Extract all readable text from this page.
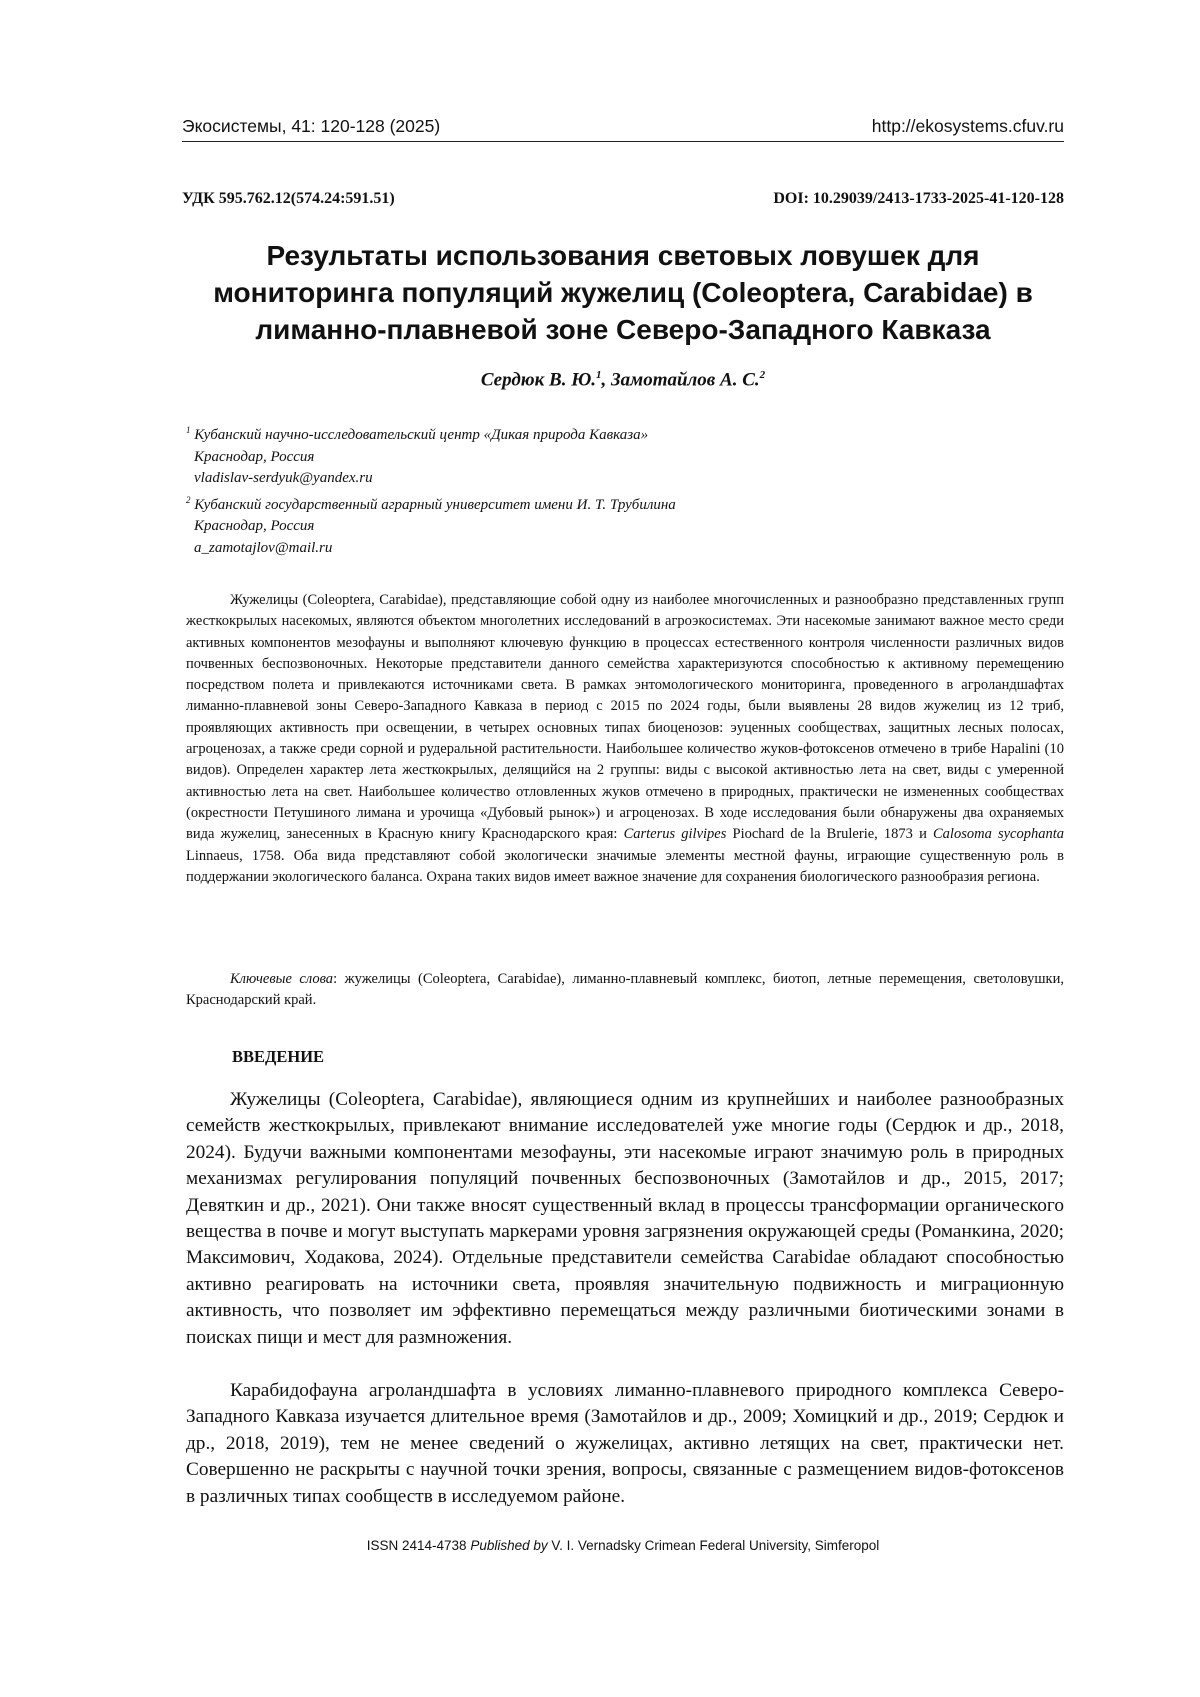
Экосистемы, 41: 120-128 (2025)	http://ekosystems.cfuv.ru
УДК 595.762.12(574.24:591.51)	DOI: 10.29039/2413-1733-2025-41-120-128
Результаты использования световых ловушек для
мониторинга популяций жужелиц (Coleoptera, Carabidae) в
лиманно-плавневой зоне Северо-Западного Кавказа
Сердюк В. Ю.$^1$, Замотайлов А. С.$^2$
$^1$ Кубанский научно-исследовательский центр «Дикая природа Кавказа»
Краснодар, Россия
vladislav-serdyuk@yandex.ru
$^2$ Кубанский государственный аграрный университет имени И. Т. Трубилина
Краснодар, Россия
a_zamotajlov@mail.ru

Жужелицы (Coleoptera, Carabidae), представляющие собой одну из наиболее многочисленных и разнообразно представленных групп жесткокрылых насекомых, являются объектом многолетних исследований в агроэкосистемах. Эти насекомые занимают важное место среди активных компонентов мезофауны и выполняют ключевую функцию в процессах естественного контроля численности различных видов почвенных беспозвоночных. Некоторые представители данного семейства характеризуются способностью к активному перемещению посредством полета и привлекаются источниками света. В рамках энтомологического мониторинга, проведенного в агроландшафтах лиманно-плавневой зоны Северо-Западного Кавказа в период с 2015 по 2024 годы, были выявлены 28 видов жужелиц из 12 триб, проявляющих активность при освещении, в четырех основных типах биоценозов: эуценных сообществах, защитных лесных полосах, агроценозах, а также среди сорной и рудеральной растительности. Наибольшее количество жуков-фотоксенов отмечено в трибе Hapalini (10 видов). Определен характер лета жесткокрылых, делящийся на 2 группы: виды с высокой активностью лета на свет, виды с умеренной активностью лета на свет. Наибольшее количество отловленных жуков отмечено в природных, практически не измененных сообществах (окрестности Петушиного лимана и урочища «Дубовый рынок») и агроценозах. В ходе исследования были обнаружены два охраняемых вида жужелиц, занесенных в Красную книгу Краснодарского края: Carterus gilvipes Piochard de la Brulerie, 1873 и Calosoma sycophanta Linnaeus, 1758. Оба вида представляют собой экологически значимые элементы местной фауны, играющие существенную роль в поддержании экологического баланса. Охрана таких видов имеет важное значение для сохранения биологического разнообразия региона.

Ключевые слова: жужелицы (Coleoptera, Carabidae), лиманно-плавневый комплекс, биотоп, летные перемещения, светоловушки, Краснодарский край.

ВВЕДЕНИЕ

Жужелицы (Coleoptera, Carabidae), являющиеся одним из крупнейших и наиболее разнообразных семейств жесткокрылых, привлекают внимание исследователей уже многие годы (Сердюк и др., 2018, 2024). Будучи важными компонентами мезофауны, эти насекомые играют значимую роль в природных механизмах регулирования популяций почвенных беспозвоночных (Замотайлов и др., 2015, 2017; Девяткин и др., 2021). Они также вносят существенный вклад в процессы трансформации органического вещества в почве и могут выступать маркерами уровня загрязнения окружающей среды (Романкина, 2020; Максимович, Ходакова, 2024). Отдельные представители семейства Carabidae обладают способностью активно реагировать на источники света, проявляя значительную подвижность и миграционную активность, что позволяет им эффективно перемещаться между различными биотическими зонами в поисках пищи и мест для размножения.

Карабидофауна агроландшафта в условиях лиманно-плавневого природного комплекса Северо-Западного Кавказа изучается длительное время (Замотайлов и др., 2009; Хомицкий и др., 2019; Сердюк и др., 2018, 2019), тем не менее сведений о жужелицах, активно летящих на свет, практически нет. Совершенно не раскрыты с научной точки зрения, вопросы, связанные с размещением видов-фотоксенов в различных типах сообществ в исследуемом районе.

ISSN 2414-4738 Published by V. I. Vernadsky Crimean Federal University, Simferopol
